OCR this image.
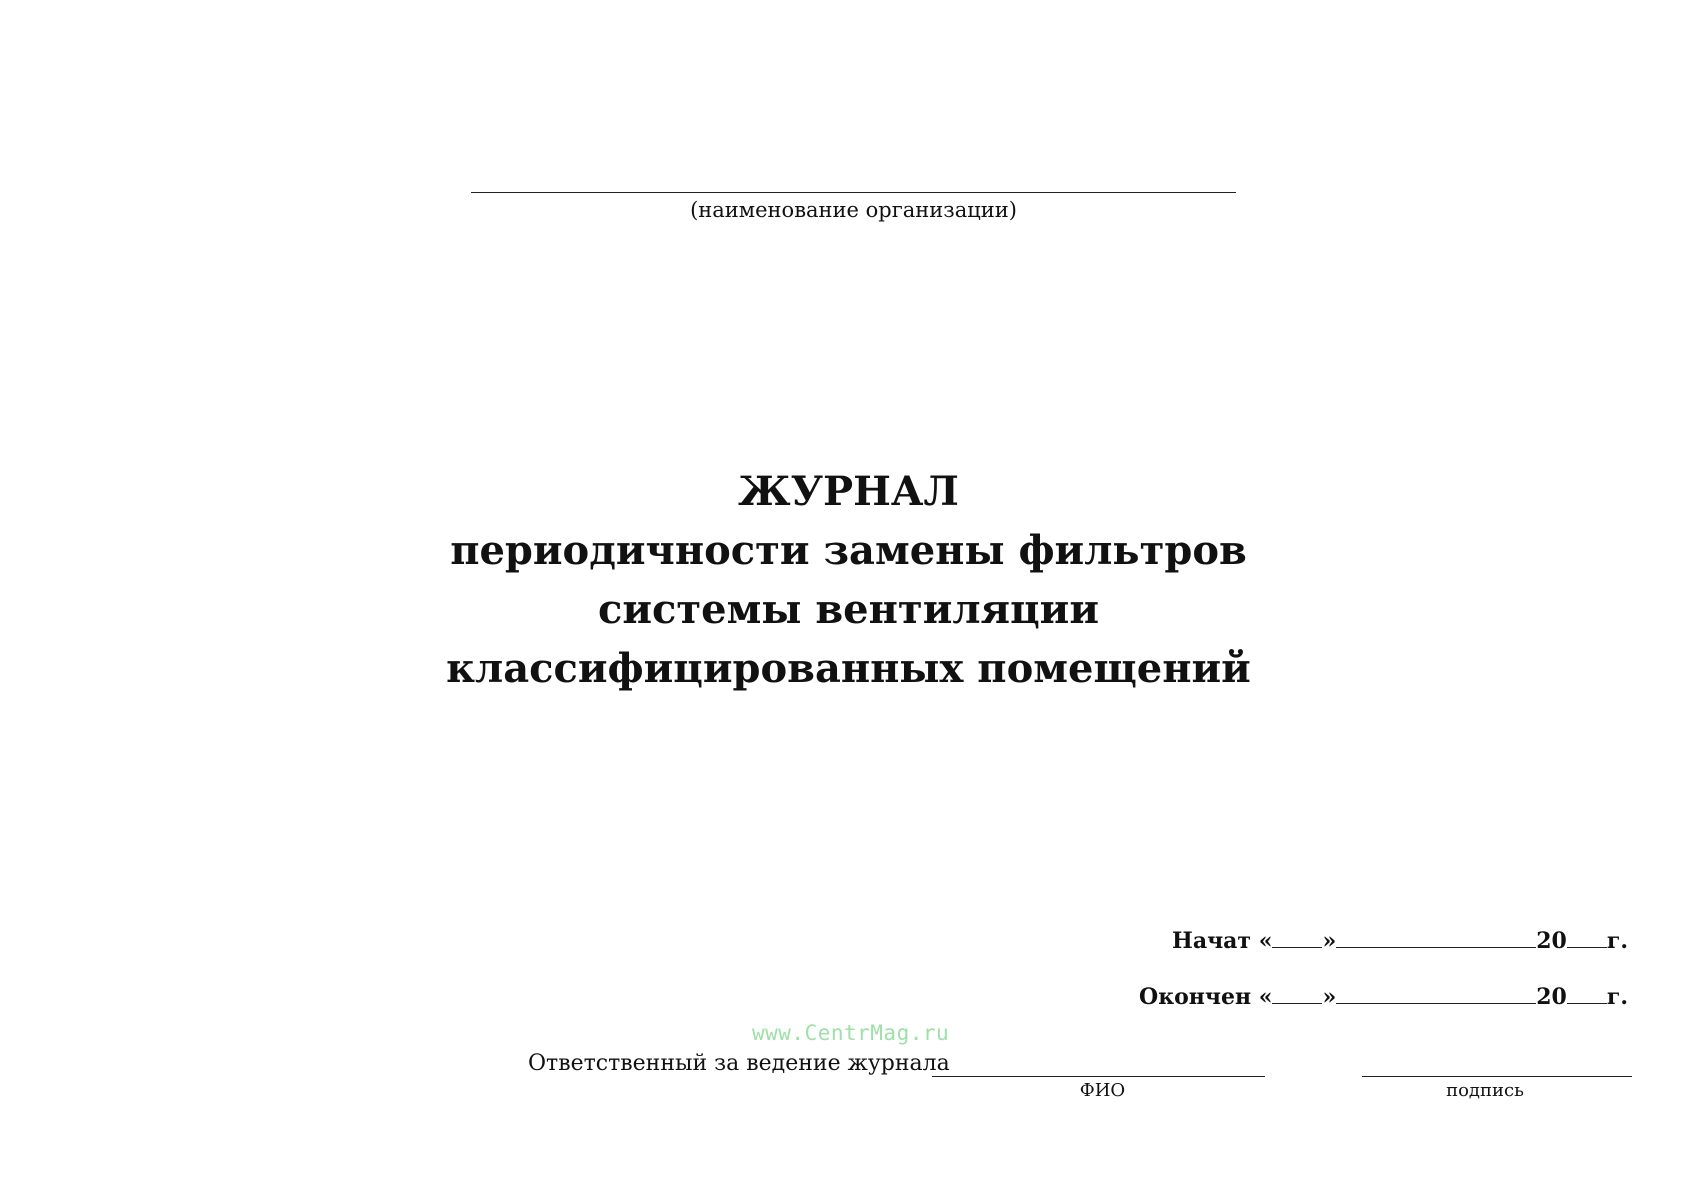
(наименование организации)
ЖУРНАЛ
периодичности замены фильтров
системы вентиляции
классифицированных помещений
Начат « »	20 г.
Окончен « »	20 г.
www.CentrMag.ru
Ответственный за ведение журнала
ФИО	подпись
